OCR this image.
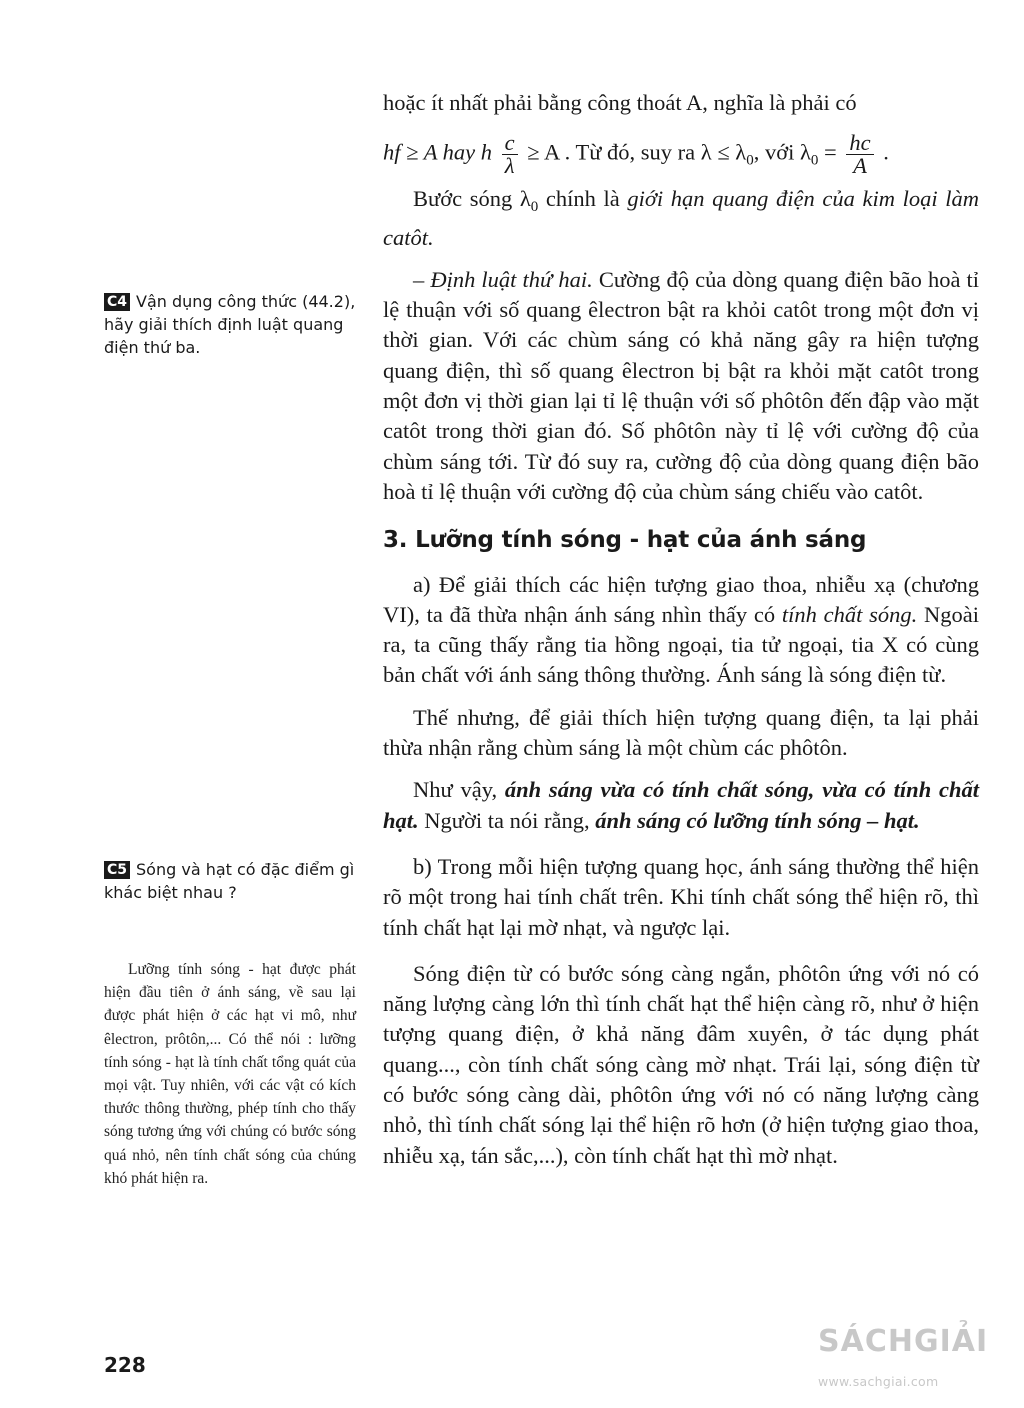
hoặc ít nhất phải bằng công thoát A, nghĩa là phải có

hf ≥ A hay h $\frac{c}{\lambda} \ge A$ . Từ đó, suy ra $\lambda \le \lambda_0$, với $\lambda_0 = \frac{hc}{A}$ .

Bước sóng $\lambda_0$ chính là giới hạn quang điện của kim loại làm catôt.

– Định luật thứ hai. Cường độ của dòng quang điện bão hoà tỉ lệ thuận với số quang êlectron bật ra khỏi catôt trong một đơn vị thời gian. Với các chùm sáng có khả năng gây ra hiện tượng quang điện, thì số quang êlectron bị bật ra khỏi mặt catôt trong một đơn vị thời gian lại tỉ lệ thuận với số phôtôn đến đập vào mặt catôt trong thời gian đó. Số phôtôn này tỉ lệ với cường độ của chùm sáng tới. Từ đó suy ra, cường độ của dòng quang điện bão hoà tỉ lệ thuận với cường độ của chùm sáng chiếu vào catôt.

3. Lưỡng tính sóng - hạt của ánh sáng

a) Để giải thích các hiện tượng giao thoa, nhiễu xạ (chương VI), ta đã thừa nhận ánh sáng nhìn thấy có tính chất sóng. Ngoài ra, ta cũng thấy rằng tia hồng ngoại, tia tử ngoại, tia X có cùng bản chất với ánh sáng thông thường. Ánh sáng là sóng điện từ.

Thế nhưng, để giải thích hiện tượng quang điện, ta lại phải thừa nhận rằng chùm sáng là một chùm các phôtôn.

Như vậy, ánh sáng vừa có tính chất sóng, vừa có tính chất hạt. Người ta nói rằng, ánh sáng có lưỡng tính sóng – hạt.

b) Trong mỗi hiện tượng quang học, ánh sáng thường thể hiện rõ một trong hai tính chất trên. Khi tính chất sóng thể hiện rõ, thì tính chất hạt lại mờ nhạt, và ngược lại.

Sóng điện từ có bước sóng càng ngắn, phôtôn ứng với nó có năng lượng càng lớn thì tính chất hạt thể hiện càng rõ, như ở hiện tượng quang điện, ở khả năng đâm xuyên, ở tác dụng phát quang..., còn tính chất sóng càng mờ nhạt. Trái lại, sóng điện từ có bước sóng càng dài, phôtôn ứng với nó có năng lượng càng nhỏ, thì tính chất sóng lại thể hiện rõ hơn (ở hiện tượng giao thoa, nhiễu xạ, tán sắc,...), còn tính chất hạt thì mờ nhạt.

C4 Vận dụng công thức (44.2), hãy giải thích định luật quang điện thứ ba.
C5 Sóng và hạt có đặc điểm gì khác biệt nhau ?

Lưỡng tính sóng - hạt được phát hiện đầu tiên ở ánh sáng, về sau lại được phát hiện ở các hạt vi mô, như êlectron, prôtôn,... Có thể nói : lưỡng tính sóng - hạt là tính chất tổng quát của mọi vật. Tuy nhiên, với các vật có kích thước thông thường, phép tính cho thấy sóng tương ứng với chúng có bước sóng quá nhỏ, nên tính chất sóng của chúng khó phát hiện ra.

228
SÁCHGIẢI
www.sachgiai.com
